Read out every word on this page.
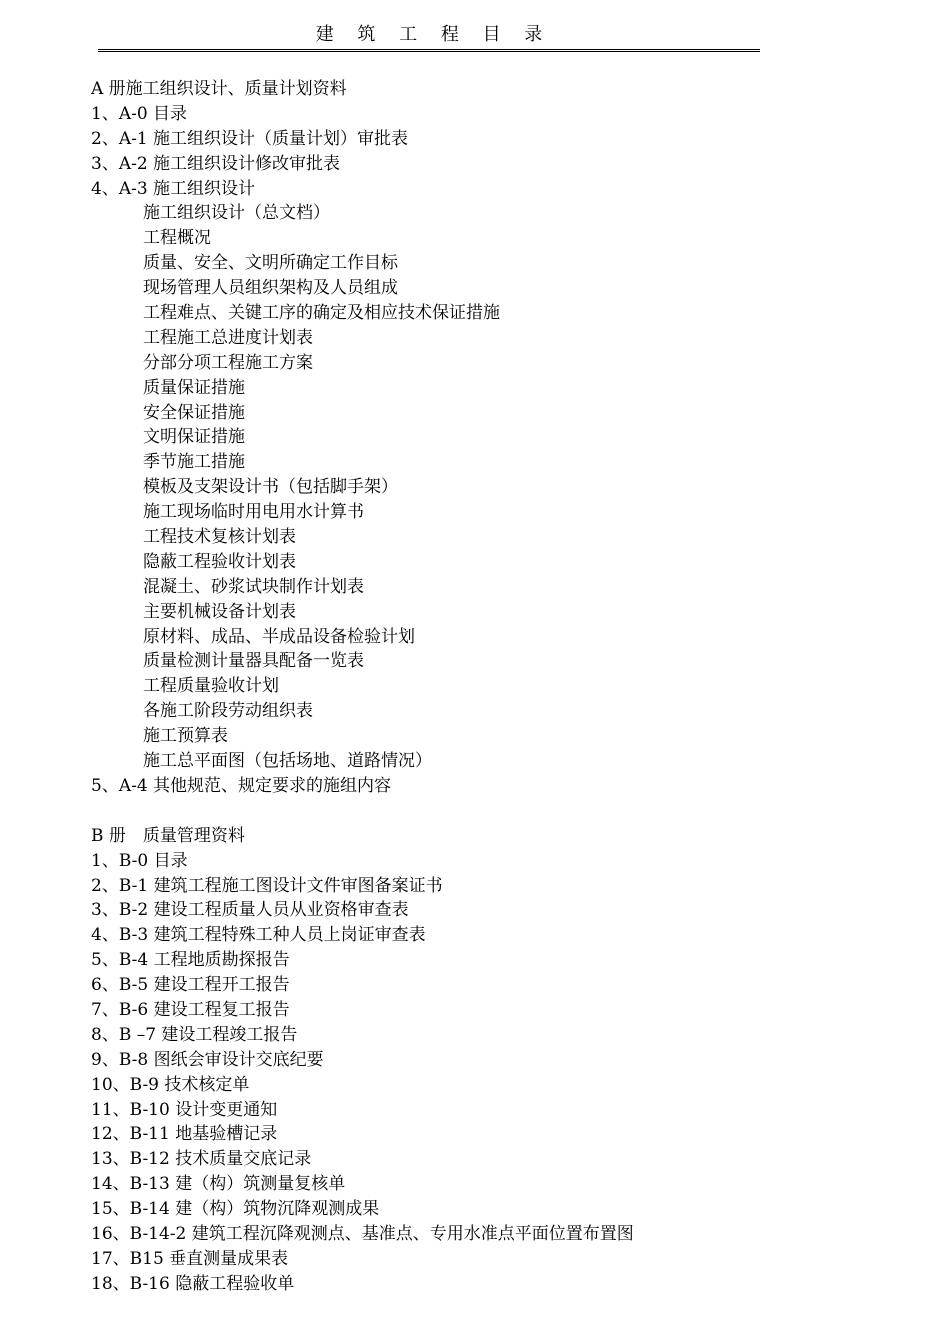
建 筑 工 程 目 录
A 册施工组织设计、质量计划资料
1、A-0 目录
2、A-1 施工组织设计（质量计划）审批表
3、A-2 施工组织设计修改审批表
4、A-3 施工组织设计
施工组织设计（总文档）
工程概况
质量、安全、文明所确定工作目标
现场管理人员组织架构及人员组成
工程难点、关键工序的确定及相应技术保证措施
工程施工总进度计划表
分部分项工程施工方案
质量保证措施
安全保证措施
文明保证措施
季节施工措施
模板及支架设计书（包括脚手架）
施工现场临时用电用水计算书
工程技术复核计划表
隐蔽工程验收计划表
混凝土、砂浆试块制作计划表
主要机械设备计划表
原材料、成品、半成品设备检验计划
质量检测计量器具配备一览表
工程质量验收计划
各施工阶段劳动组织表
施工预算表
施工总平面图（包括场地、道路情况）
5、A-4 其他规范、规定要求的施组内容
B 册　质量管理资料
1、B-0 目录
2、B-1 建筑工程施工图设计文件审图备案证书
3、B-2 建设工程质量人员从业资格审查表
4、B-3 建筑工程特殊工种人员上岗证审查表
5、B-4 工程地质勘探报告
6、B-5 建设工程开工报告
7、B-6 建设工程复工报告
8、B –7 建设工程竣工报告
9、B-8 图纸会审设计交底纪要
10、B-9 技术核定单
11、B-10 设计变更通知
12、B-11 地基验槽记录
13、B-12 技术质量交底记录
14、B-13 建（构）筑测量复核单
15、B-14 建（构）筑物沉降观测成果
16、B-14-2 建筑工程沉降观测点、基准点、专用水准点平面位置布置图
17、B15 垂直测量成果表
18、B-16 隐蔽工程验收单
